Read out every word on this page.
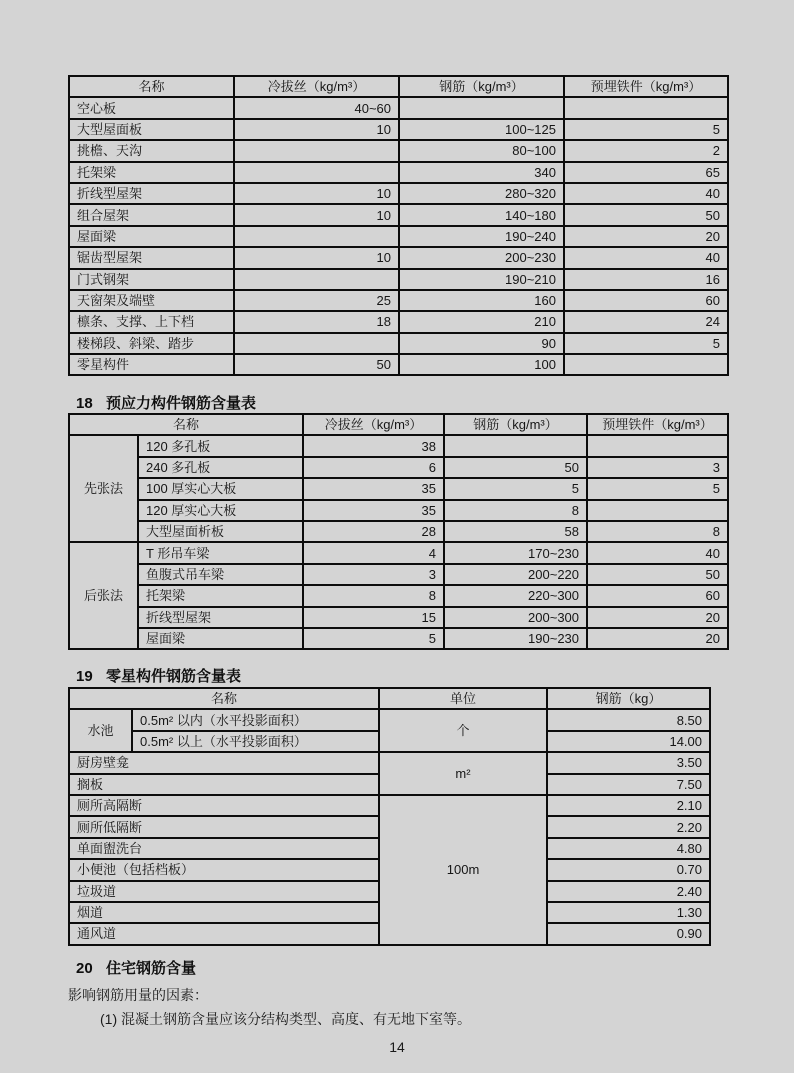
名称	冷拔丝（kg/m³）	钢筋（kg/m³）	预埋铁件（kg/m³）
空心板	40~60		
大型屋面板	10	100~125	5
挑檐、天沟		80~100	2
托架梁		340	65
折线型屋架	10	280~320	40
组合屋架	10	140~180	50
屋面梁		190~240	20
锯齿型屋架	10	200~230	40
门式钢架		190~210	16
天窗架及端壁	25	160	60
檩条、支撑、上下档	18	210	24
楼梯段、斜梁、踏步		90	5
零星构件	50	100	
18 预应力构件钢筋含量表
名称		冷拔丝（kg/m³）	钢筋（kg/m³）	预埋铁件（kg/m³）
先张法	120 多孔板	38		
	240 多孔板	6	50	3
	100 厚实心大板	35	5	5
	120 厚实心大板	35	8	
	大型屋面析板	28	58	8
后张法	T 形吊车梁	4	170~230	40
	鱼腹式吊车梁	3	200~220	50
	托架梁	8	220~300	60
	折线型屋架	15	200~300	20
	屋面梁	5	190~230	20
19 零星构件钢筋含量表
名称		单位	钢筋（kg）
水池	0.5m² 以内（水平投影面积）	个	8.50
	0.5m² 以上（水平投影面积）		14.00
厨房壁龛		m²	3.50
搁板			7.50
厕所高隔断		100m	2.10
厕所低隔断			2.20
单面盥洗台			4.80
小便池（包括档板）			0.70
垃圾道			2.40
烟道			1.30
通风道			0.90
20 住宅钢筋含量
影响钢筋用量的因素：
(1) 混凝土钢筋含量应该分结构类型、高度、有无地下室等。
14
